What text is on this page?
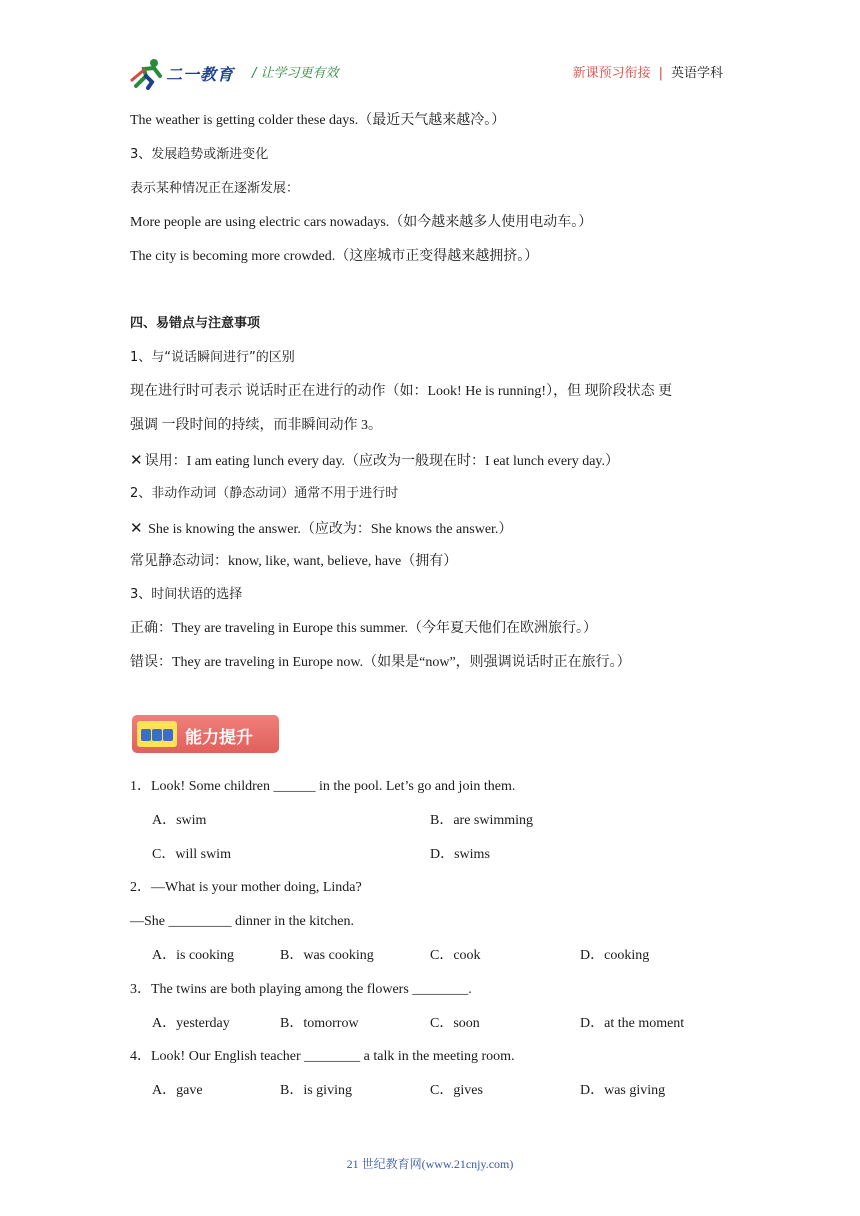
二一教育 / 让学习更有效	新课预习衔接 | 英语学科
The weather is getting colder these days.（最近天气越来越冷。）
3、发展趋势或渐进变化
表示某种情况正在逐渐发展：
More people are using electric cars nowadays.（如今越来越多人使用电动车。）
The city is becoming more crowded.（这座城市正变得越来越拥挤。）
四、易错点与注意事项
1、与“说话瞬间进行”的区别
现在进行时可表示 说话时正在进行的动作（如：Look! He is running!），但 现阶段状态 更
强调 一段时间的持续，而非瞬间动作 3。
✕ 误用：I am eating lunch every day.（应改为一般现在时：I eat lunch every day.）
2、非动作动词（静态动词）通常不用于进行时
✕ She is knowing the answer.（应改为：She knows the answer.）
常见静态动词：know, like, want, believe, have（拥有）
3、时间状语的选择
正确：They are traveling in Europe this summer.（今年夏天他们在欧洲旅行。）
错误：They are traveling in Europe now.（如果是“now”，则强调说话时正在旅行。）
能力提升
1．Look! Some children ______ in the pool. Let’s go and join them.
A．swim	B．are swimming
C．will swim	D．swims
2．—What is your mother doing, Linda?
—She _________ dinner in the kitchen.
A．is cooking	B．was cooking	C．cook	D．cooking
3．The twins are both playing among the flowers ________.
A．yesterday	B．tomorrow	C．soon	D．at the moment
4．Look! Our English teacher ________ a talk in the meeting room.
A．gave	B．is giving	C．gives	D．was giving
21 世纪教育网(www.21cnjy.com)
